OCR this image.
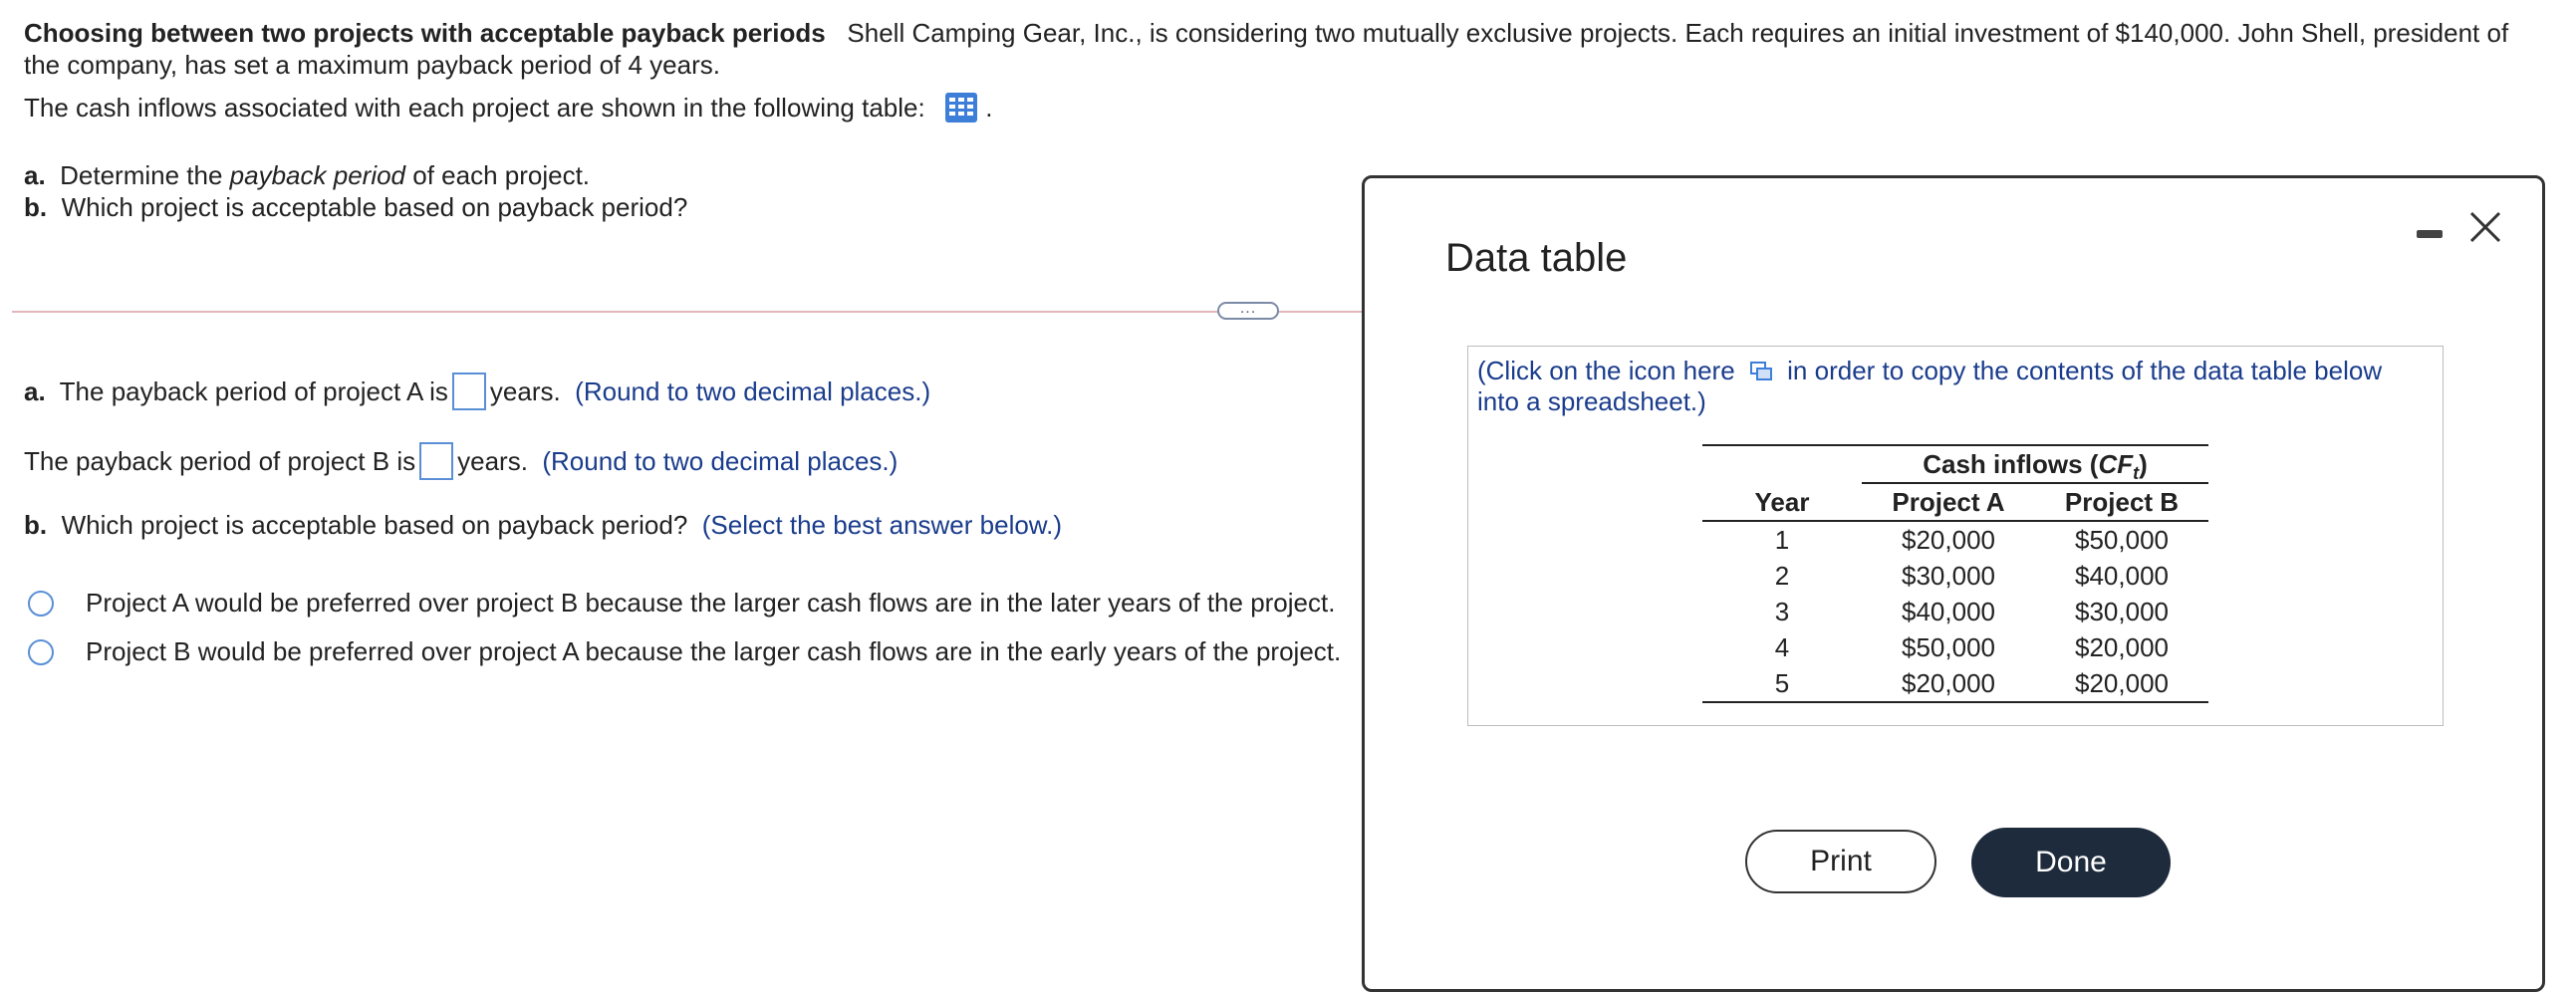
Choosing between two projects with acceptable payback periods Shell Camping Gear, Inc., is considering two mutually exclusive projects. Each requires an initial investment of $140,000. John Shell, president of the company, has set a maximum payback period of 4 years.
The cash inflows associated with each project are shown in the following table: .
a. Determine the payback period of each project.
b. Which project is acceptable based on payback period?
...
a. The payback period of project A is years. (Round to two decimal places.)
The payback period of project B is years. (Round to two decimal places.)
b. Which project is acceptable based on payback period? (Select the best answer below.)
Project A would be preferred over project B because the larger cash flows are in the later years of the project.
Project B would be preferred over project A because the larger cash flows are in the early years of the project.
Data table
(Click on the icon here in order to copy the contents of the data table below into a spreadsheet.)
	Cash inflows $(CF_t)$	
Year	Project A	Project B
1	$20,000	$50,000
2	$30,000	$40,000
3	$40,000	$30,000
4	$50,000	$20,000
5	$20,000	$20,000
Print	Done
